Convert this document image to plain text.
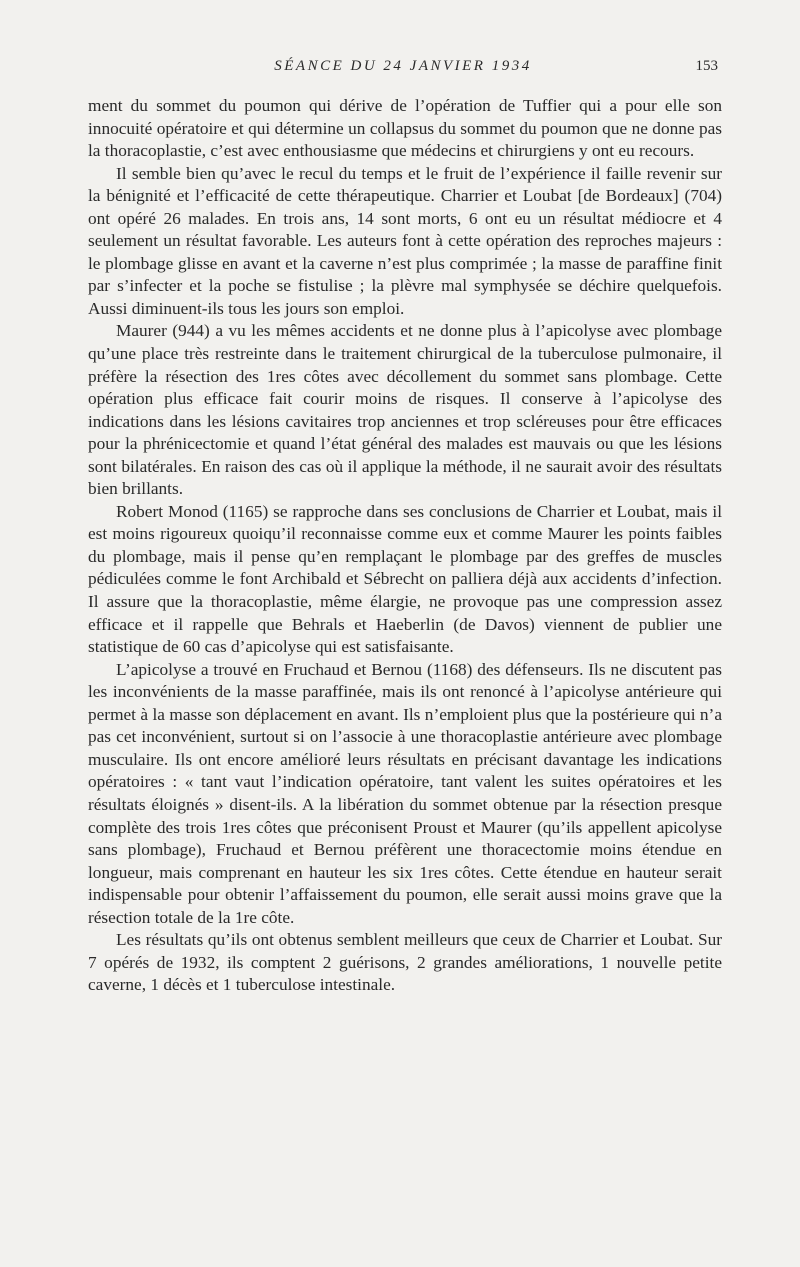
SÉANCE DU 24 JANVIER 1934	153

ment du sommet du poumon qui dérive de l’opération de Tuffier qui a pour elle son innocuité opératoire et qui détermine un collapsus du sommet du poumon que ne donne pas la thoracoplastie, c’est avec enthousiasme que médecins et chirurgiens y ont eu recours.

Il semble bien qu’avec le recul du temps et le fruit de l’expérience il faille revenir sur la bénignité et l’efficacité de cette thérapeutique. Charrier et Loubat [de Bordeaux] (704) ont opéré 26 malades. En trois ans, 14 sont morts, 6 ont eu un résultat médiocre et 4 seulement un résultat favorable. Les auteurs font à cette opération des reproches majeurs : le plombage glisse en avant et la caverne n’est plus comprimée ; la masse de paraffine finit par s’infecter et la poche se fistulise ; la plèvre mal symphysée se déchire quelquefois. Aussi diminuent-ils tous les jours son emploi.

Maurer (944) a vu les mêmes accidents et ne donne plus à l’apicolyse avec plombage qu’une place très restreinte dans le traitement chirurgical de la tuberculose pulmonaire, il préfère la résection des 1res côtes avec décollement du sommet sans plombage. Cette opération plus efficace fait courir moins de risques. Il conserve à l’apicolyse des indications dans les lésions cavitaires trop anciennes et trop scléreuses pour être efficaces pour la phrénicectomie et quand l’état général des malades est mauvais ou que les lésions sont bilatérales. En raison des cas où il applique la méthode, il ne saurait avoir des résultats bien brillants.

Robert Monod (1165) se rapproche dans ses conclusions de Charrier et Loubat, mais il est moins rigoureux quoiqu’il reconnaisse comme eux et comme Maurer les points faibles du plombage, mais il pense qu’en remplaçant le plombage par des greffes de muscles pédiculées comme le font Archibald et Sébrecht on palliera déjà aux accidents d’infection. Il assure que la thoracoplastie, même élargie, ne provoque pas une compression assez efficace et il rappelle que Behrals et Haeberlin (de Davos) viennent de publier une statistique de 60 cas d’apicolyse qui est satisfaisante.

L’apicolyse a trouvé en Fruchaud et Bernou (1168) des défenseurs. Ils ne discutent pas les inconvénients de la masse paraffinée, mais ils ont renoncé à l’apicolyse antérieure qui permet à la masse son déplacement en avant. Ils n’emploient plus que la postérieure qui n’a pas cet inconvénient, surtout si on l’associe à une thoracoplastie antérieure avec plombage musculaire. Ils ont encore amélioré leurs résultats en précisant davantage les indications opératoires : « tant vaut l’indication opératoire, tant valent les suites opératoires et les résultats éloignés » disent-ils. A la libération du sommet obtenue par la résection presque complète des trois 1res côtes que préconisent Proust et Maurer (qu’ils appellent apicolyse sans plombage), Fruchaud et Bernou préfèrent une thoracectomie moins étendue en longueur, mais comprenant en hauteur les six 1res côtes. Cette étendue en hauteur serait indispensable pour obtenir l’affaissement du poumon, elle serait aussi moins grave que la résection totale de la 1re côte.

Les résultats qu’ils ont obtenus semblent meilleurs que ceux de Charrier et Loubat. Sur 7 opérés de 1932, ils comptent 2 guérisons, 2 grandes améliorations, 1 nouvelle petite caverne, 1 décès et 1 tuberculose intestinale.
